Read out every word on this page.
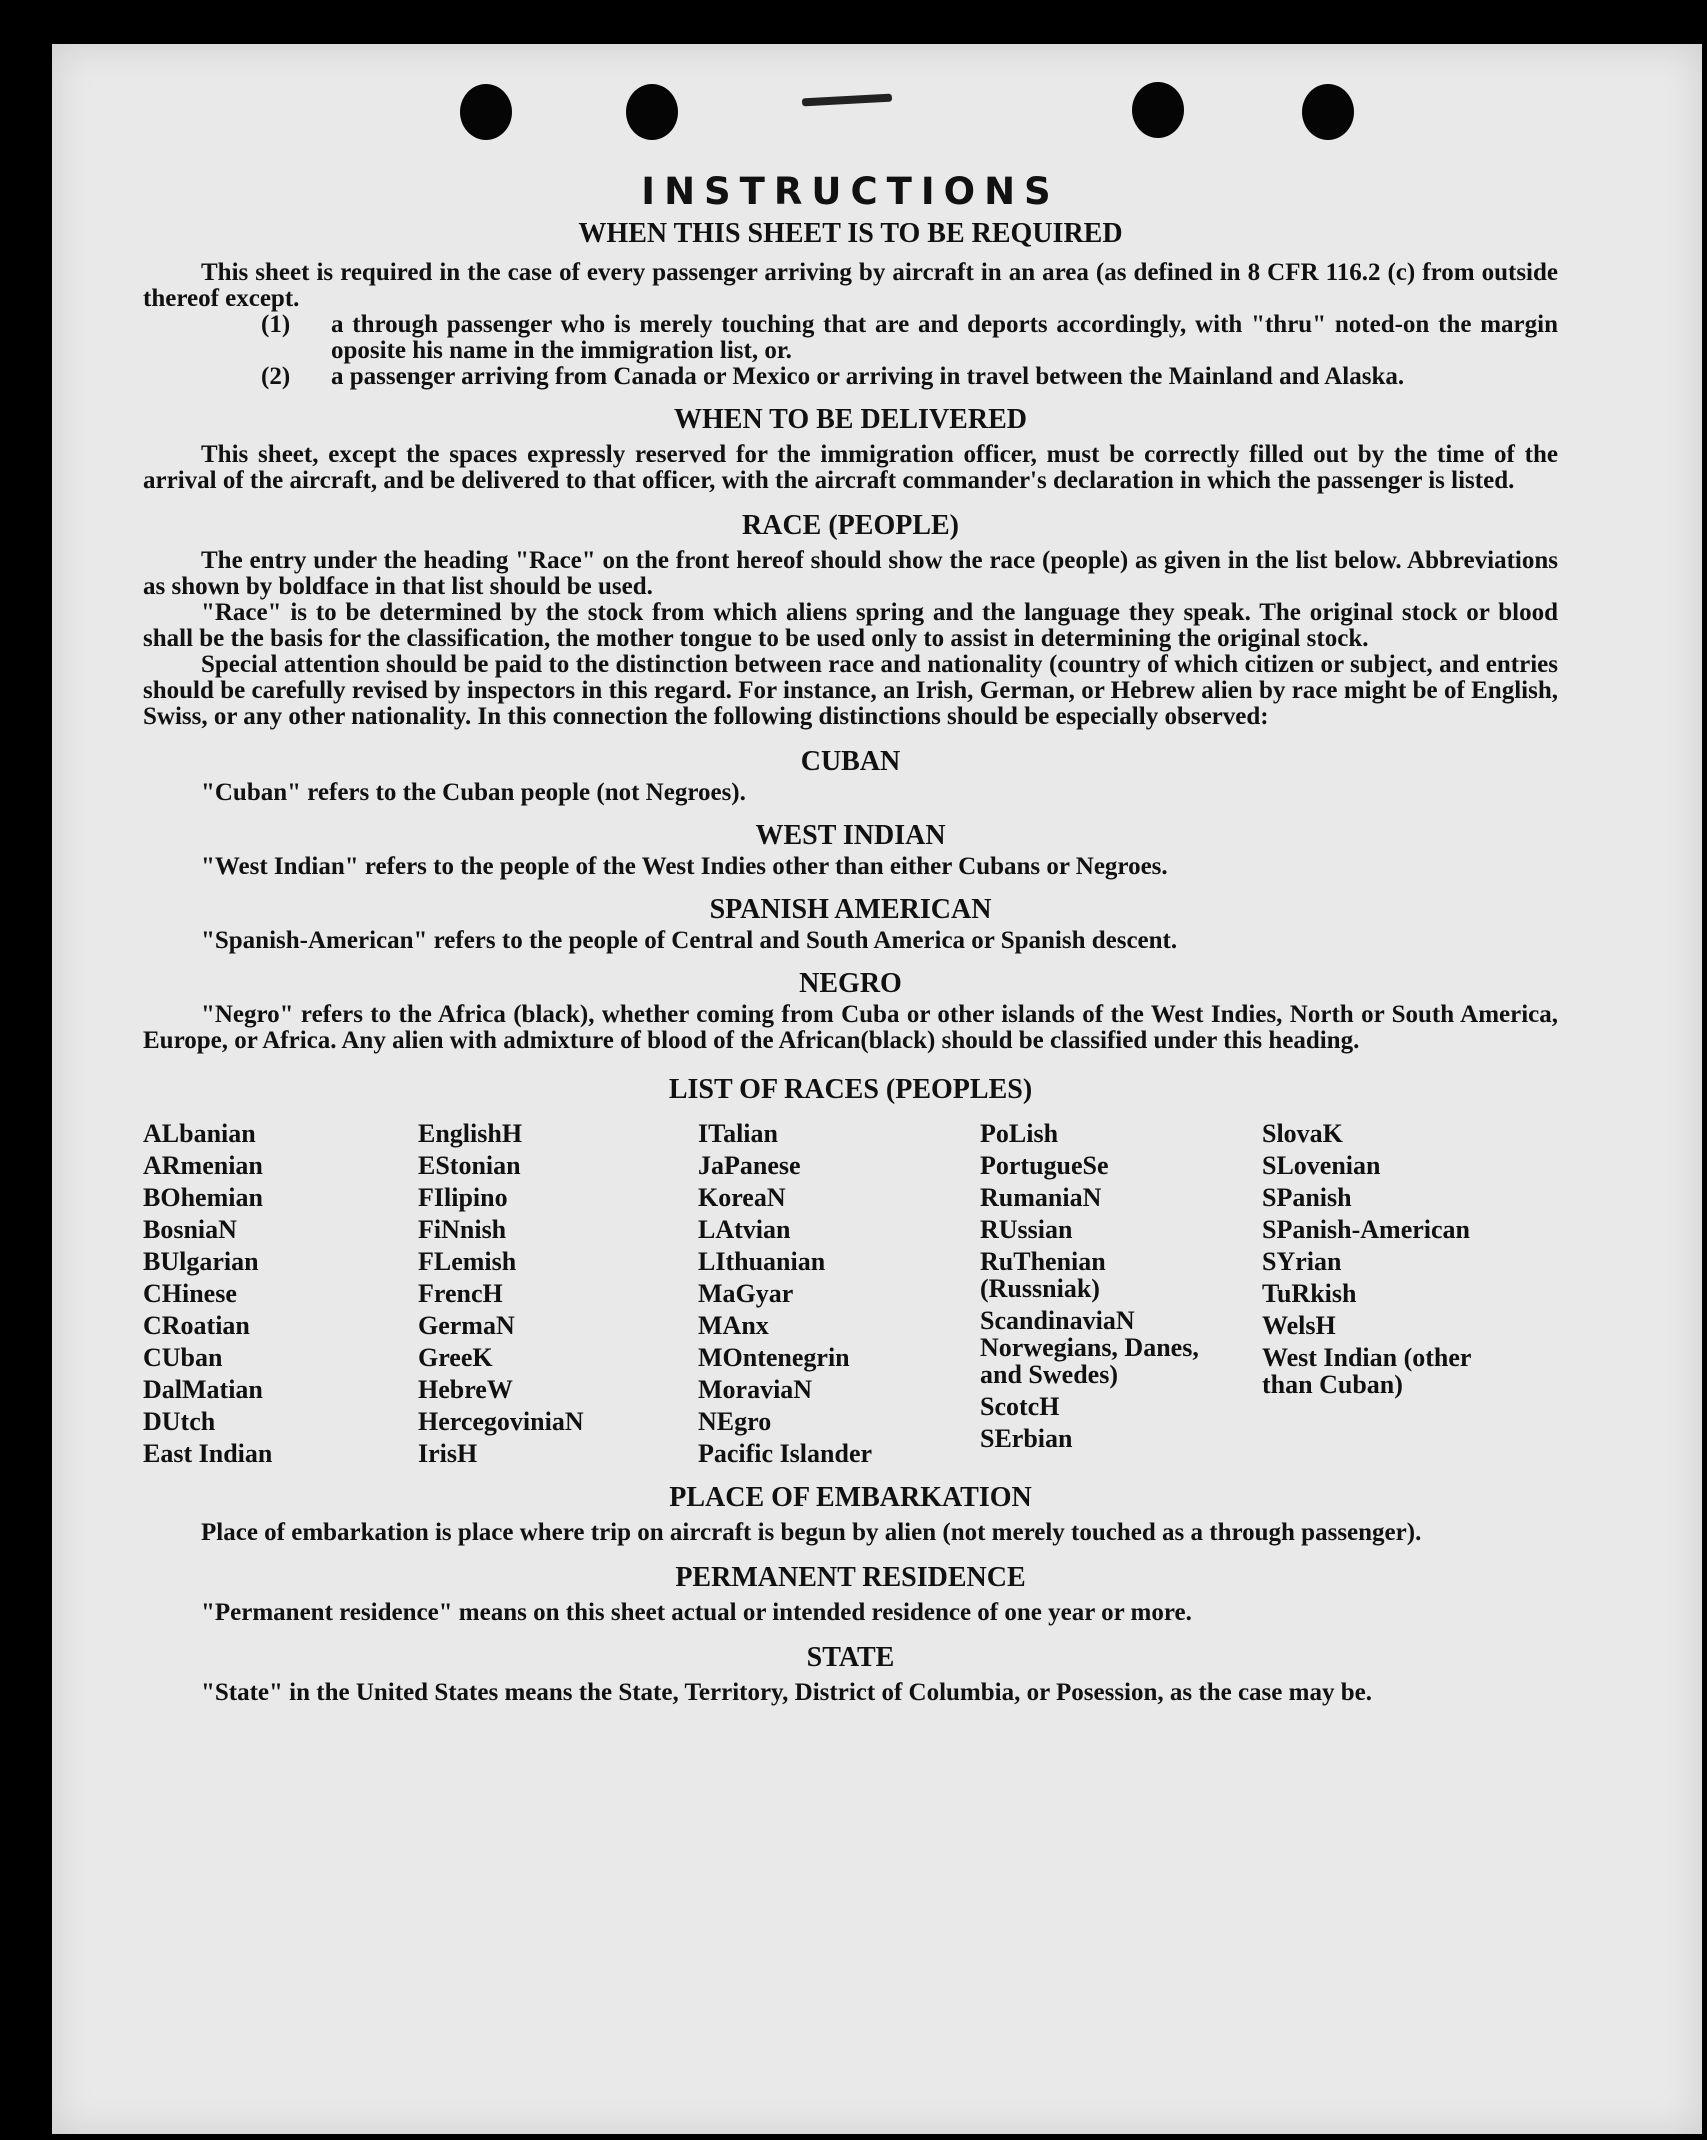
INSTRUCTIONS
WHEN THIS SHEET IS TO BE REQUIRED

This sheet is required in the case of every passenger arriving by aircraft in an area (as defined in 8 CFR 116.2 (c) from outside thereof except.

(1)	a through passenger who is merely touching that are and deports accordingly, with "thru" noted-on the margin oposite his name in the immigration list, or.
(2)	a passenger arriving from Canada or Mexico or arriving in travel between the Mainland and Alaska.
WHEN TO BE DELIVERED

This sheet, except the spaces expressly reserved for the immigration officer, must be correctly filled out by the time of the arrival of the aircraft, and be delivered to that officer, with the aircraft commander's declaration in which the passenger is listed.

RACE (PEOPLE)

The entry under the heading "Race" on the front hereof should show the race (people) as given in the list below. Abbreviations as shown by boldface in that list should be used.

"Race" is to be determined by the stock from which aliens spring and the language they speak. The original stock or blood shall be the basis for the classification, the mother tongue to be used only to assist in determining the original stock.

Special attention should be paid to the distinction between race and nationality (country of which citizen or subject, and entries should be carefully revised by inspectors in this regard. For instance, an Irish, German, or Hebrew alien by race might be of English, Swiss, or any other nationality. In this connection the following distinctions should be especially observed:

CUBAN

"Cuban" refers to the Cuban people (not Negroes).

WEST INDIAN

"West Indian" refers to the people of the West Indies other than either Cubans or Negroes.

SPANISH AMERICAN

"Spanish-American" refers to the people of Central and South America or Spanish descent.

NEGRO

"Negro" refers to the Africa (black), whether coming from Cuba or other islands of the West Indies, North or South America, Europe, or Africa. Any alien with admixture of blood of the African(black) should be classified under this heading.

LIST OF RACES (PEOPLES)
ALbanian
ARmenian
BOhemian
BosniaN
BUlgarian
CHinese
CRoatian
CUban
DalMatian
DUtch
East Indian
EnglishH
EStonian
FIlipino
FiNnish
FLemish
FrencH
GermaN
GreeK
HebreW
HercegoviniaN
IrisH
ITalian
JaPanese
KoreaN
LAtvian
LIthuanian
MaGyar
MAnx
MOntenegrin
MoraviaN
NEgro
Pacific Islander
PoLish
PortugueSe
RumaniaN
RUssian
RuThenian (Russniak)
ScandinaviaN Norwegians, Danes, and Swedes)
ScotcH
SErbian
SlovaK
SLovenian
SPanish
SPanish-American
SYrian
TuRkish
WelsH
West Indian (other than Cuban)
PLACE OF EMBARKATION

Place of embarkation is place where trip on aircraft is begun by alien (not merely touched as a through passenger).

PERMANENT RESIDENCE

"Permanent residence" means on this sheet actual or intended residence of one year or more.

STATE

"State" in the United States means the State, Territory, District of Columbia, or Posession, as the case may be.
